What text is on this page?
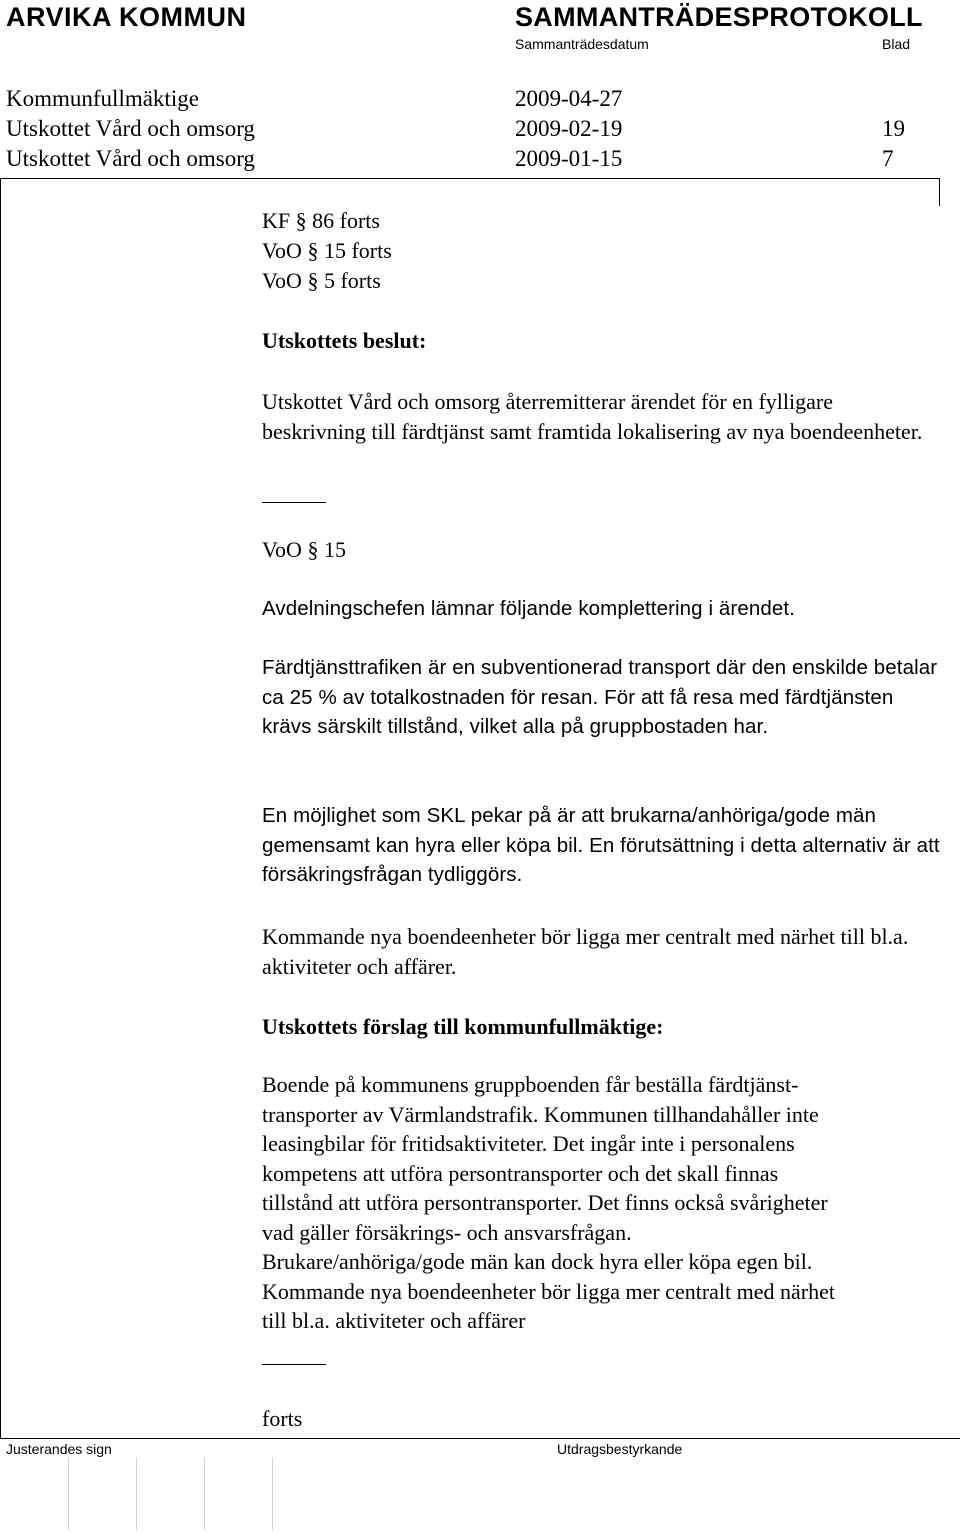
ARVIKA KOMMUN	SAMMANTRÄDESPROTOKOLL
Sammanträdesdatum	Blad
Kommunfullmäktige	2009-04-27
Utskottet Vård och omsorg	2009-02-19	19
Utskottet Vård och omsorg	2009-01-15	7
KF § 86 forts
VoO § 15 forts
VoO § 5 forts
Utskottets beslut:
Utskottet Vård och omsorg återremitterar ärendet för en fylligare beskrivning till färdtjänst samt framtida lokalisering av nya boendeenheter.
VoO § 15
Avdelningschefen lämnar följande komplettering i ärendet.
Färdtjänsttrafiken är en subventionerad transport där den enskilde betalar ca 25 % av totalkostnaden för resan. För att få resa med färdtjänsten krävs särskilt tillstånd, vilket alla på gruppbostaden har.
En möjlighet som SKL pekar på är att brukarna/anhöriga/gode män gemensamt kan hyra eller köpa bil. En förutsättning i detta alternativ är att försäkringsfrågan tydliggörs.
Kommande nya boendeenheter bör ligga mer centralt med närhet till bl.a. aktiviteter och affärer.
Utskottets förslag till kommunfullmäktige:
Boende på kommunens gruppboenden får beställa färdtjänst-
transporter av Värmlandstrafik. Kommunen tillhandahåller inte
leasingbilar för fritidsaktiviteter. Det ingår inte i personalens
kompetens att utföra persontransporter och det skall finnas
tillstånd att utföra persontransporter. Det finns också svårigheter
vad gäller försäkrings- och ansvarsfrågan.
Brukare/anhöriga/gode män kan dock hyra eller köpa egen bil.
Kommande nya boendeenheter bör ligga mer centralt med närhet
till bl.a. aktiviteter och affärer
forts
Justerandes sign	Utdragsbestyrkande
